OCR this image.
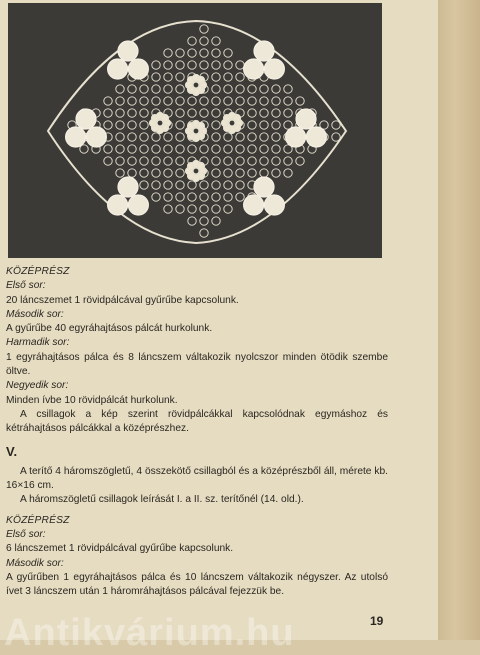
KÖZÉPRÉSZ

Első sor:

20 láncszemet 1 rövidpálcával gyűrűbe kapcsolunk.

Második sor:

A gyűrűbe 40 egyráhajtásos pálcát hurkolunk.

Harmadik sor:

1 egyráhajtásos pálca és 8 láncszem váltakozik nyolcszor minden ötödik szembe öltve.

Negyedik sor:

Minden ívbe 10 rövidpálcát hurkolunk.

A csillagok a kép szerint rövidpálcákkal kapcsolódnak egymáshoz és kétráhajtásos pálcákkal a középrészhez.

V.

A terítő 4 háromszögletű, 4 összekötő csillagból és a középrészből áll, mérete kb. 16×16 cm.

A háromszögletű csillagok leírását I. a II. sz. terítőnél (14. old.).

KÖZÉPRÉSZ

Első sor:

6 láncszemet 1 rövidpálcával gyűrűbe kapcsolunk.

Második sor:

A gyűrűben 1 egyráhajtásos pálca és 10 láncszem váltakozik négyszer. Az utolsó ívet 3 láncszem után 1 háromráhajtásos pálcával fejezzük be.

Antikvárium.hu	19
